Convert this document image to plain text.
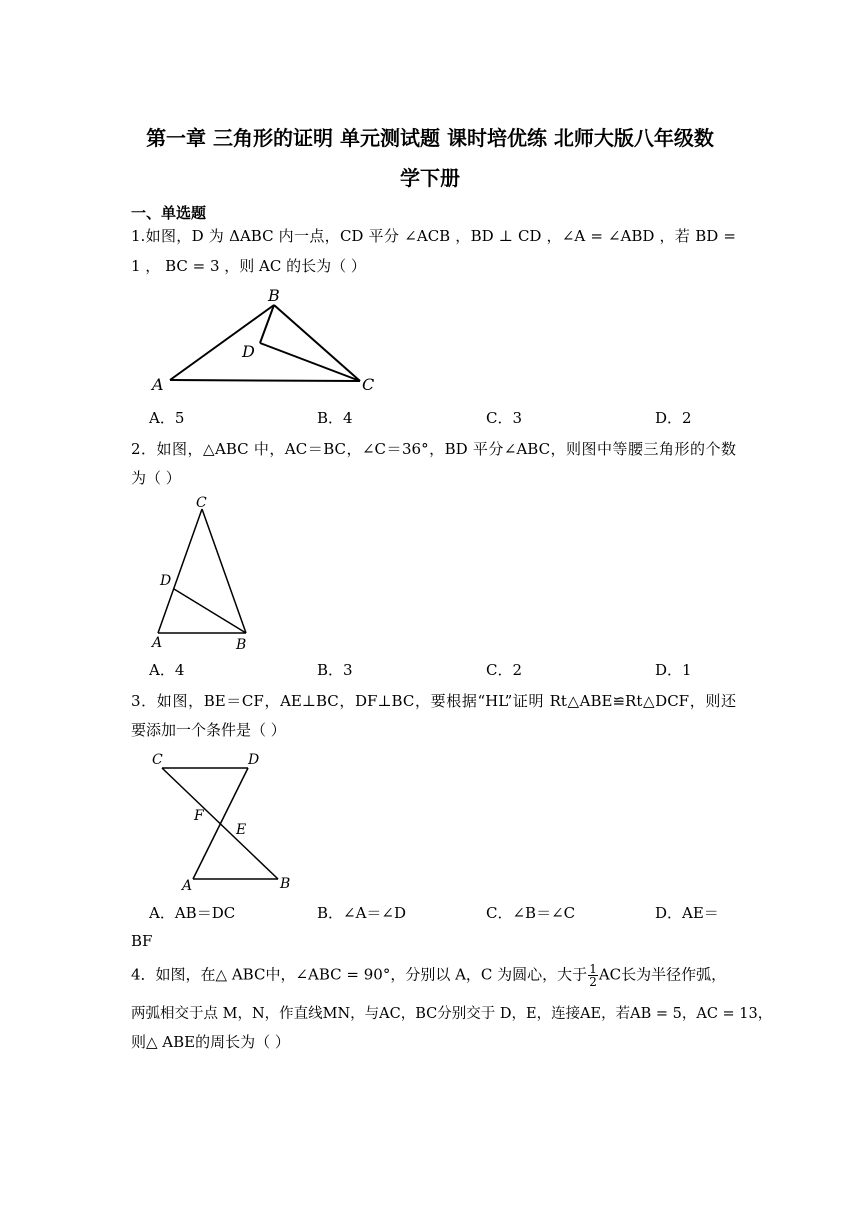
第一章 三角形的证明 单元测试题 课时培优练 北师大版八年级数
学下册
一、单选题
1.如图，D 为 ΔABC 内一点，CD 平分 ∠ACB ，BD ⊥ CD ，∠A = ∠ABD ，若 BD =
1 ， BC = 3 ，则 AC 的长为（ ）
A
B
C
D
A．5	B．4	C．3	D．2
2．如图，△ABC 中，AC＝BC，∠C＝36°，BD 平分∠ABC，则图中等腰三角形的个数
为（ ）
C
D
A	B
A．4	B．3	C．2	D．1
3．如图，BE＝CF，AE⊥BC，DF⊥BC，要根据“HL”证明 Rt△ABE≌Rt△DCF，则还
要添加一个条件是（ ）
C	D
F
E
A	B
A．AB＝DC	B．∠A＝∠D	C．∠B＝∠C	D．AE＝
BF
4．如图，在△ ABC中，∠ABC = 90°，分别以 A，C 为圆心，大于 $\frac{1}{2}$ AC长为半径作弧，
两弧相交于点 M，N，作直线MN，与AC，BC分别交于 D，E，连接AE，若AB = 5，AC = 13，
则△ ABE的周长为（ ）
